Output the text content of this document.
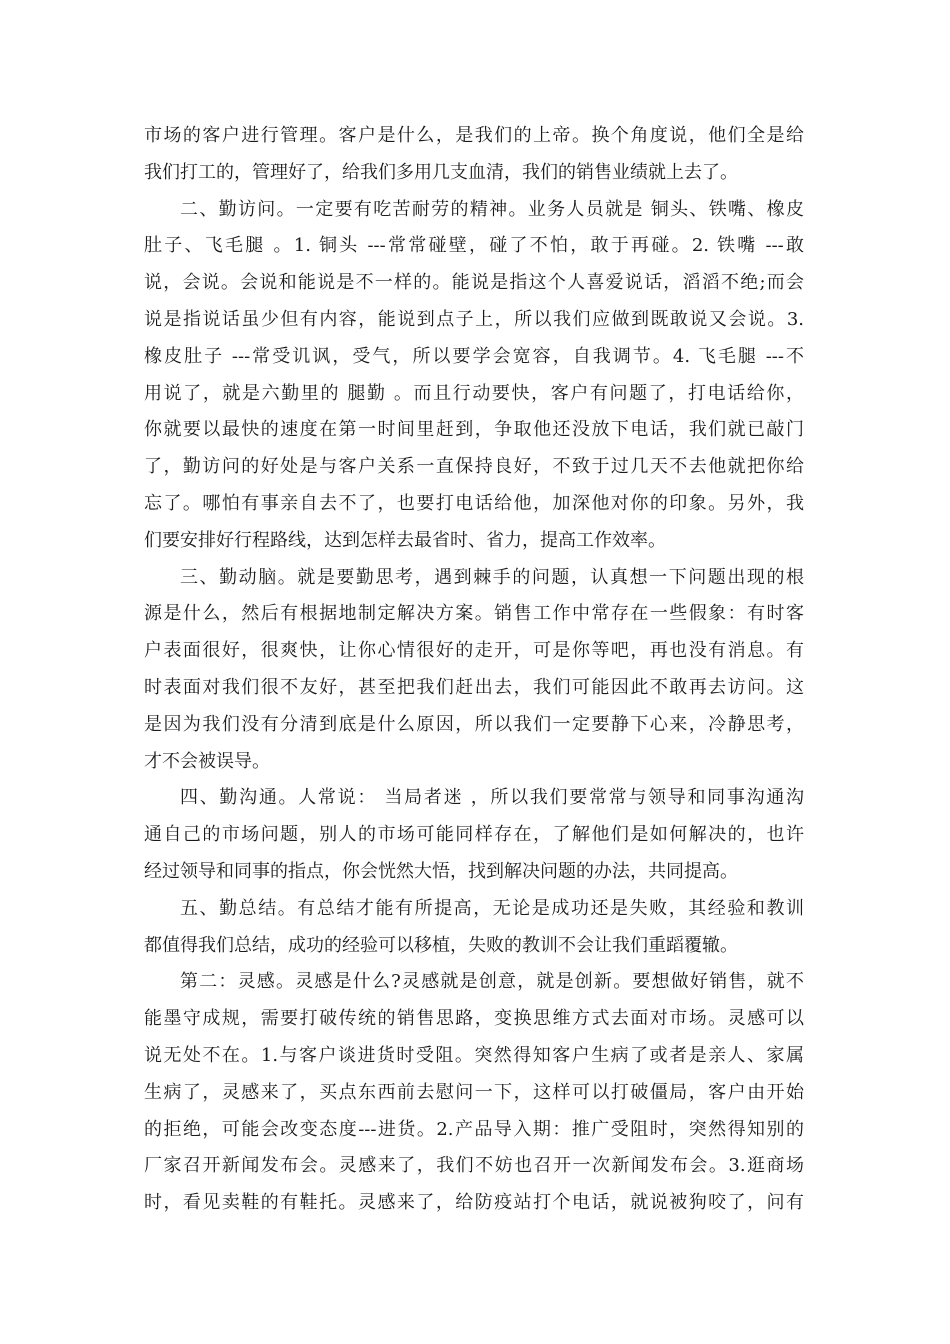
市场的客户进行管理。客户是什么，是我们的上帝。换个角度说，他们全是给
我们打工的，管理好了，给我们多用几支血清，我们的销售业绩就上去了。
二、勤访问。一定要有吃苦耐劳的精神。业务人员就是 铜头、铁嘴、橡皮
肚子、飞毛腿 。1. 铜头 ---常常碰壁，碰了不怕，敢于再碰。2. 铁嘴 ---敢
说，会说。会说和能说是不一样的。能说是指这个人喜爱说话，滔滔不绝;而会
说是指说话虽少但有内容，能说到点子上，所以我们应做到既敢说又会说。3.
橡皮肚子 ---常受讥讽，受气，所以要学会宽容，自我调节。4. 飞毛腿 ---不
用说了，就是六勤里的 腿勤 。而且行动要快，客户有问题了，打电话给你，
你就要以最快的速度在第一时间里赶到，争取他还没放下电话，我们就已敲门
了，勤访问的好处是与客户关系一直保持良好，不致于过几天不去他就把你给
忘了。哪怕有事亲自去不了，也要打电话给他，加深他对你的印象。另外，我
们要安排好行程路线，达到怎样去最省时、省力，提高工作效率。
三、勤动脑。就是要勤思考，遇到棘手的问题，认真想一下问题出现的根
源是什么，然后有根据地制定解决方案。销售工作中常存在一些假象：有时客
户表面很好，很爽快，让你心情很好的走开，可是你等吧，再也没有消息。有
时表面对我们很不友好，甚至把我们赶出去，我们可能因此不敢再去访问。这
是因为我们没有分清到底是什么原因，所以我们一定要静下心来，冷静思考，
才不会被误导。
四、勤沟通。人常说： 当局者迷 ，所以我们要常常与领导和同事沟通沟
通自己的市场问题，别人的市场可能同样存在，了解他们是如何解决的，也许
经过领导和同事的指点，你会恍然大悟，找到解决问题的办法，共同提高。
五、勤总结。有总结才能有所提高，无论是成功还是失败，其经验和教训
都值得我们总结，成功的经验可以移植，失败的教训不会让我们重蹈覆辙。
第二：灵感。灵感是什么?灵感就是创意，就是创新。要想做好销售，就不
能墨守成规，需要打破传统的销售思路，变换思维方式去面对市场。灵感可以
说无处不在。1.与客户谈进货时受阻。突然得知客户生病了或者是亲人、家属
生病了，灵感来了，买点东西前去慰问一下，这样可以打破僵局，客户由开始
的拒绝，可能会改变态度---进货。2.产品导入期：推广受阻时，突然得知别的
厂家召开新闻发布会。灵感来了，我们不妨也召开一次新闻发布会。3.逛商场
时，看见卖鞋的有鞋托。灵感来了，给防疫站打个电话，就说被狗咬了，问有
